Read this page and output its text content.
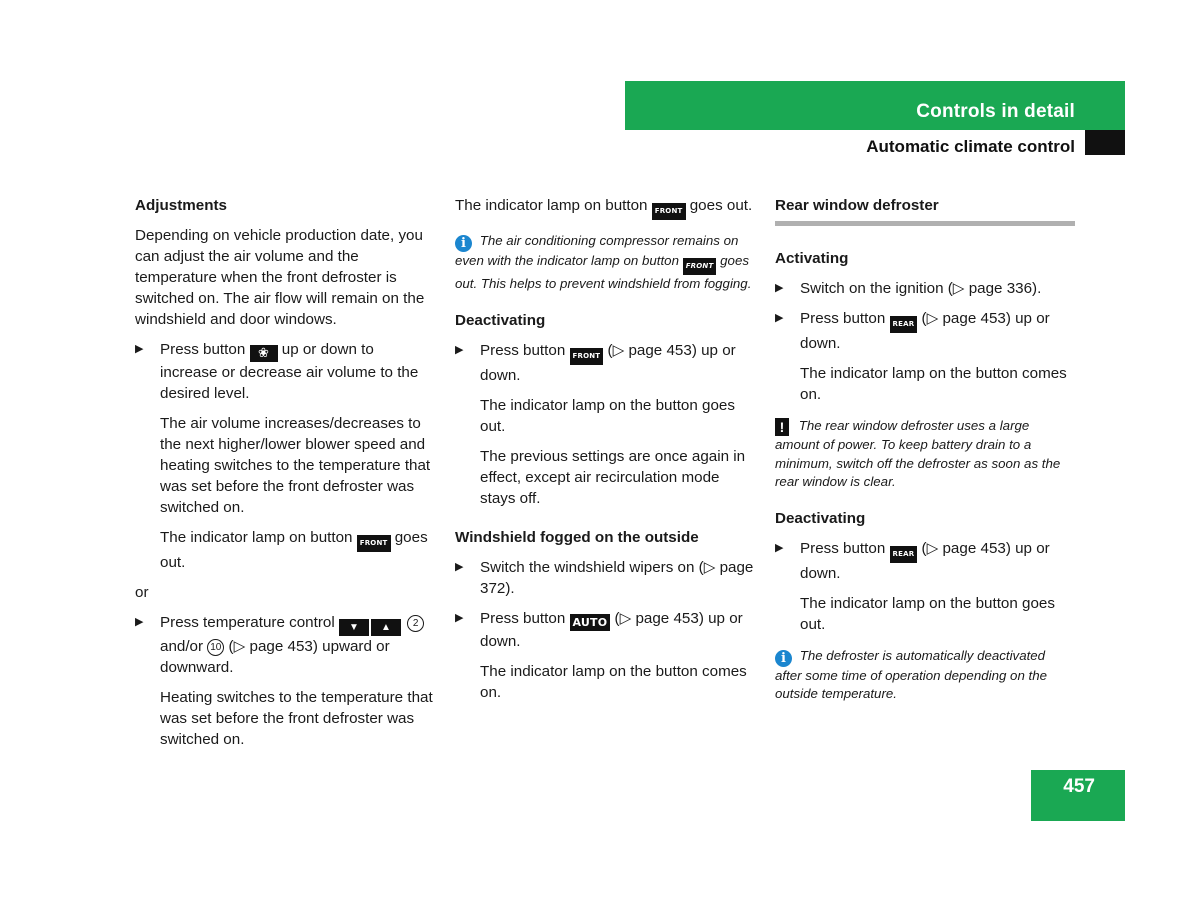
Controls in detail
Automatic climate control

Adjustments

Depending on vehicle production date, you can adjust the air volume and the temperature when the front defroster is switched on. The air flow will remain on the windshield and door windows.

▶ Press button ❀ up or down to increase or decrease air volume to the desired level.

The air volume increases/decreases to the next higher/lower blower speed and heating switches to the temperature that was set before the front defroster was switched on.

The indicator lamp on button FRONT goes out.

or

▶ Press temperature control ▼ ▲ 2 and/or 10 (▷ page 453) upward or downward.

Heating switches to the temperature that was set before the front defroster was switched on.

The indicator lamp on button FRONT goes out.

i The air conditioning compressor remains on even with the indicator lamp on button FRONT goes out. This helps to prevent windshield from fogging.

Deactivating

▶ Press button FRONT (▷ page 453) up or down.

The indicator lamp on the button goes out.

The previous settings are once again in effect, except air recirculation mode stays off.

Windshield fogged on the outside

▶ Switch the windshield wipers on (▷ page 372).
▶ Press button AUTO (▷ page 453) up or down.

The indicator lamp on the button comes on.

Rear window defroster

Activating

▶ Switch on the ignition (▷ page 336).
▶ Press button REAR (▷ page 453) up or down.

The indicator lamp on the button comes on.

! The rear window defroster uses a large amount of power. To keep battery drain to a minimum, switch off the defroster as soon as the rear window is clear.

Deactivating

▶ Press button REAR (▷ page 453) up or down.

The indicator lamp on the button goes out.

i The defroster is automatically deactivated after some time of operation depending on the outside temperature.

457
